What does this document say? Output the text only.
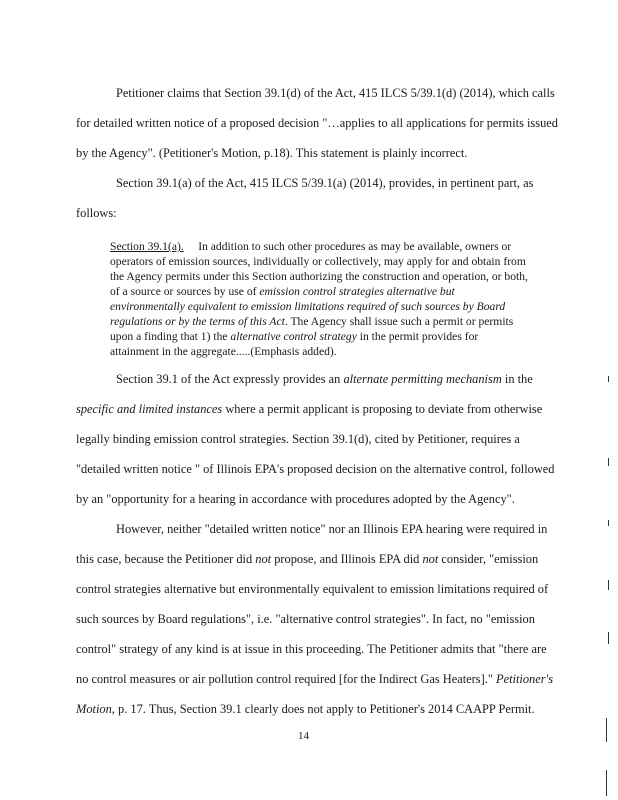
Petitioner claims that Section 39.1(d) of the Act, 415 ILCS 5/39.1(d) (2014), which calls
for detailed written notice of a proposed decision "…applies to all applications for permits issued
by the Agency". (Petitioner's Motion, p.18). This statement is plainly incorrect.
Section 39.1(a) of the Act, 415 ILCS 5/39.1(a) (2014), provides, in pertinent part, as
follows:
Section 39.1(a). In addition to such other procedures as may be available, owners or
operators of emission sources, individually or collectively, may apply for and obtain from
the Agency permits under this Section authorizing the construction and operation, or both,
of a source or sources by use of emission control strategies alternative but
environmentally equivalent to emission limitations required of such sources by Board
regulations or by the terms of this Act. The Agency shall issue such a permit or permits
upon a finding that 1) the alternative control strategy in the permit provides for
attainment in the aggregate.....(Emphasis added).
Section 39.1 of the Act expressly provides an alternate permitting mechanism in the
specific and limited instances where a permit applicant is proposing to deviate from otherwise
legally binding emission control strategies. Section 39.1(d), cited by Petitioner, requires a
"detailed written notice " of Illinois EPA's proposed decision on the alternative control, followed
by an "opportunity for a hearing in accordance with procedures adopted by the Agency".
However, neither "detailed written notice" nor an Illinois EPA hearing were required in
this case, because the Petitioner did not propose, and Illinois EPA did not consider, "emission
control strategies alternative but environmentally equivalent to emission limitations required of
such sources by Board regulations", i.e. "alternative control strategies". In fact, no "emission
control" strategy of any kind is at issue in this proceeding. The Petitioner admits that "there are
no control measures or air pollution control required [for the Indirect Gas Heaters]." Petitioner's
Motion, p. 17. Thus, Section 39.1 clearly does not apply to Petitioner's 2014 CAAPP Permit.
14
